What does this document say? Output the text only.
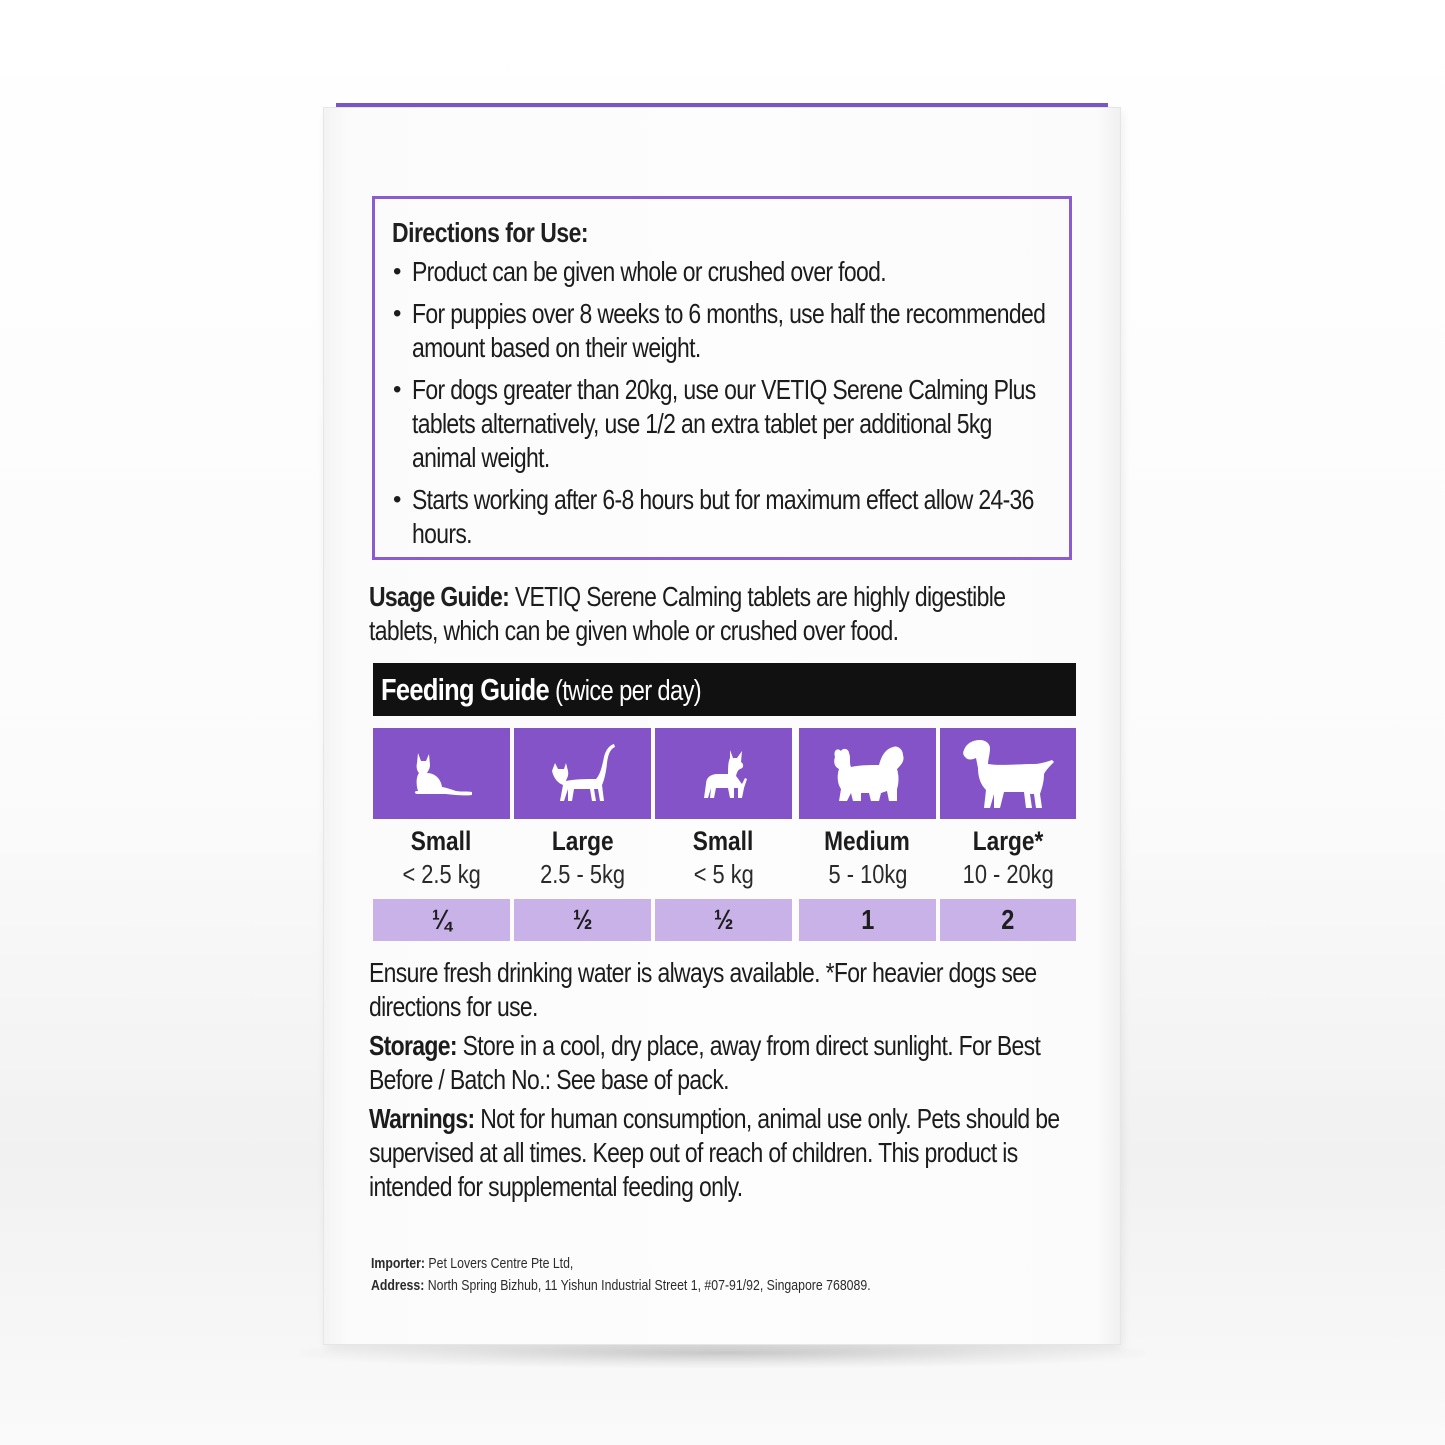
Directions for Use:
• Product can be given whole or crushed over food.
• For puppies over 8 weeks to 6 months, use half the recommended amount based on their weight.
• For dogs greater than 20kg, use our VETIQ Serene Calming Plus tablets alternatively, use 1/2 an extra tablet per additional 5kg animal weight.
• Starts working after 6-8 hours but for maximum effect allow 24-36 hours.
Usage Guide: VETIQ Serene Calming tablets are highly digestible tablets, which can be given whole or crushed over food.
Feeding Guide (twice per day)
Small
< 2.5 kg
¼
Large
2.5 - 5kg
½
Small
< 5 kg
½
Medium
5 - 10kg
1
Large*
10 - 20kg
2

Ensure fresh drinking water is always available. *For heavier dogs see directions for use.

Storage: Store in a cool, dry place, away from direct sunlight. For Best Before / Batch No.: See base of pack.

Warnings: Not for human consumption, animal use only. Pets should be supervised at all times. Keep out of reach of children. This product is intended for supplemental feeding only.

Importer: Pet Lovers Centre Pte Ltd,
Address: North Spring Bizhub, 11 Yishun Industrial Street 1, #07-91/92, Singapore 768089.
